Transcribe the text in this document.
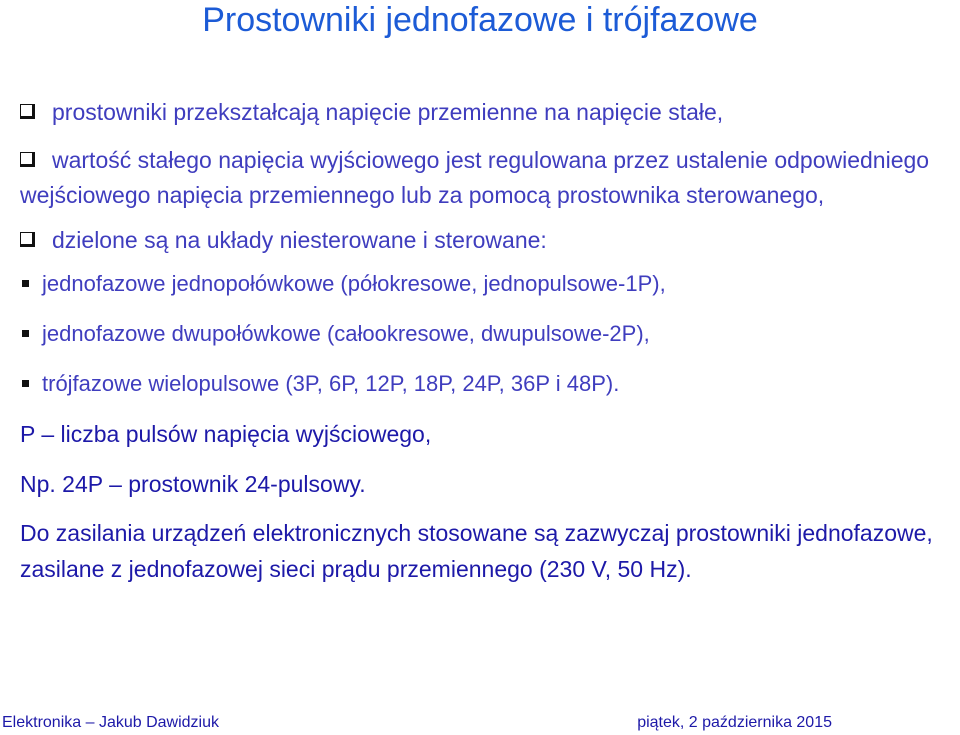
Prostowniki jednofazowe i trójfazowe
prostowniki przekształcają napięcie przemienne na napięcie stałe,
wartość stałego napięcia wyjściowego jest regulowana przez ustalenie odpowiedniego wejściowego napięcia przemiennego lub za pomocą prostownika sterowanego,
dzielone są na układy niesterowane i sterowane:
jednofazowe jednopołówkowe (półokresowe, jednopulsowe-1P),
jednofazowe dwupołówkowe (całookresowe, dwupulsowe-2P),
trójfazowe wielopulsowe (3P, 6P, 12P, 18P, 24P, 36P i 48P).
P – liczba pulsów napięcia wyjściowego,
Np. 24P – prostownik 24-pulsowy.
Do zasilania urządzeń elektronicznych stosowane są zazwyczaj prostowniki jednofazowe, zasilane z jednofazowej sieci prądu przemiennego (230 V, 50 Hz).
Elektronika – Jakub Dawidziuk	piątek, 2 października 2015
